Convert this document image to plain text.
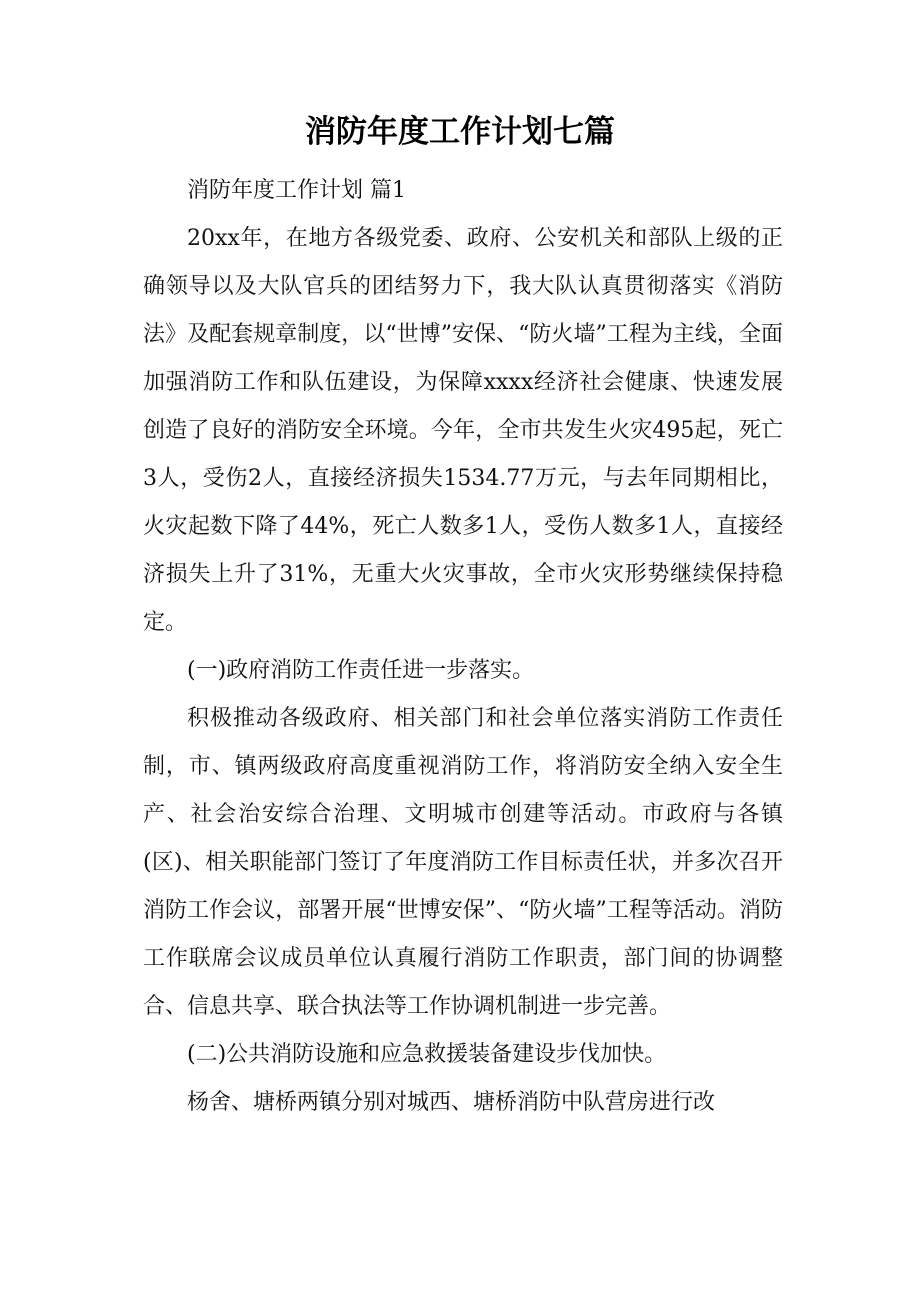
消防年度工作计划七篇

消防年度工作计划 篇1

20xx年，在地方各级党委、政府、公安机关和部队上级的正确领导以及大队官兵的团结努力下，我大队认真贯彻落实《消防法》及配套规章制度，以“世博”安保、“防火墙”工程为主线，全面加强消防工作和队伍建设，为保障xxxx经济社会健康、快速发展创造了良好的消防安全环境。今年，全市共发生火灾495起，死亡3人，受伤2人，直接经济损失1534.77万元，与去年同期相比，火灾起数下降了44%，死亡人数多1人，受伤人数多1人，直接经济损失上升了31%，无重大火灾事故，全市火灾形势继续保持稳定。

(一)政府消防工作责任进一步落实。

积极推动各级政府、相关部门和社会单位落实消防工作责任制，市、镇两级政府高度重视消防工作，将消防安全纳入安全生产、社会治安综合治理、文明城市创建等活动。市政府与各镇(区)、相关职能部门签订了年度消防工作目标责任状，并多次召开消防工作会议，部署开展“世博安保”、“防火墙”工程等活动。消防工作联席会议成员单位认真履行消防工作职责，部门间的协调整合、信息共享、联合执法等工作协调机制进一步完善。

(二)公共消防设施和应急救援装备建设步伐加快。

杨舍、塘桥两镇分别对城西、塘桥消防中队营房进行改
